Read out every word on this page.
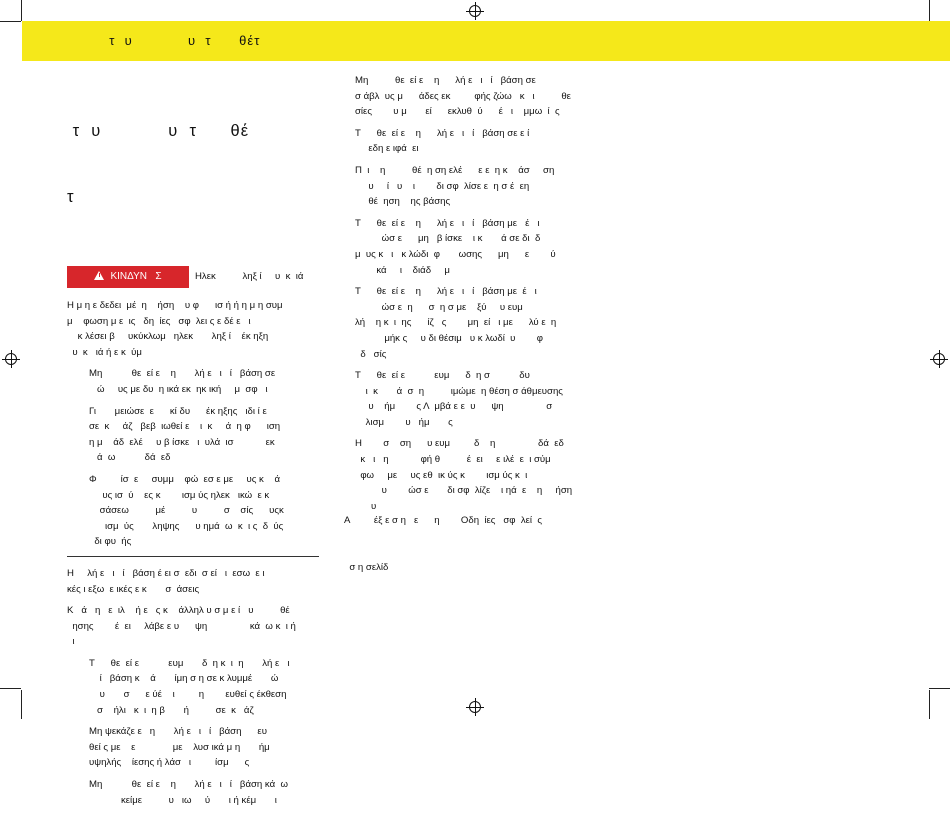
τ  υ            υ  τ      θέτ

τ  υ            υ  τ      θέ

τ

ΚΙΝΔΥΝ   Σ	Ηλεκ          ληξ ί     υ  κ  ιά

Η μ η ε δεδει  μέ  η    ήση    υ φ      ισ ή ή η μ η συμ

μ    φωση μ ε  ις   δη  ίες   σφ  λει ς ε δέ ε   ι

κ λέσει β     υκύκλωμ   ηλεκ       ληξ ί    έκ ηξη

υ  κ   ιά ή ε κ  ύμ

Μη           θε  εί ε    η       λή ε   ι   ί   βάση σε

ώ     υς με δυ  η ικά εκ  ηκ ική     μ  σφ   ι

Γι       μειώσε  ε      κί δυ      έκ ηξης   ιδι ί ε

σε  κ     άζ   βεβ  ιωθεί ε    ι  κ     ά  η φ      ιση

η μ    άδ  ελέ     υ β ίσκε   ι  υλά  ισ            εκ

ά  ω           δά  εδ

Φ         ίσ  ε     συμμ    φώ  εσ ε με     υς κ    ά

υς ισ  ύ    ες κ        ισμ ύς ηλεκ   ικώ  ε κ

σάσεω          μέ          υ          σ    σίς      υςκ

ισμ  ύς       ληψης      υ ημά  ω  κ  ι ς  δ  ύς

δι φυ  ής

Η     λή ε   ι   ί   βάση έ ει σ  εδι  σ εί   ι  εσω  ε ι

κές ι εξω  ε ικές ε κ       σ  άσεις

Κ   ά   η   ε  ιλ    ή ε   ς κ    άλληλ υ σ μ ε ί   υ          θέ

ησης        έ  ει     λάβε ε υ      ψη                κά  ω κ  ι ή

ι

Τ      θε  εί ε           ευμ       δ  η κ  ι  η       λή ε   ι

ί   βάση κ    ά       ίμη σ η σε κ λυμμέ       ώ

υ       σ      ε ύέ    ι         η        ευθεί ς έκθεση

σ    ήλι   κ  ι  η β       ή          σε  κ   άζ

Μη ψεκάζε ε   η       λή ε   ι   ί   βάση      ευ

θεί ς με    ε              με    λυσ ικά μ η       ήμ

υψηλής    ίεσης ή λάσ   ι         ίσμ      ς

Μη           θε  εί ε    η       λή ε   ι   ί   βάση κά  ω

κείμε          υ   ιω     ύ       ι ή κέμ       ι

Μη          θε  εί ε    η      λή ε   ι   ί   βάση σε

σ άβλ  υς μ      άδες εκ         φής ζώω   κ   ι          θε

σίες        υ μ       εί      εκλυθ  ύ      έ   ι    μμω  ί  ς

Τ      θε  εί ε    η      λή ε   ι   ί   βάση σε ε ί

εδη ε ιφά  ει

Π  ι    η          θέ  η ση ελέ      ε ε  η κ    άσ     ση

υ     ί   υ    ι        δι σφ  λίσε ε  η σ έ  εη

θέ  ηση    ης βάσης

Τ      θε  εί ε    η      λή ε   ι   ί   βάση με   έ   ι

ώσ ε      μη   β ίσκε    ι κ       ά σε δι  δ

μ  υς κ   ι   κ λώδι  φ       ωσης      μη      ε        ύ

κά     ι    διάδ     μ

Τ      θε  εί ε    η      λή ε   ι   ί   βάση με  έ   ι

ώσ ε  η      σ  η σ με    ξύ     υ ευμ

λή    η κ  ι  ης      ίζ   ς        μη  εί   ι με      λύ ε  η

μήκ ς     υ δι θέσιμ   υ κ λωδί  υ        φ

δ   σίς

Τ      θε  εί ε           ευμ      δ  η σ           δυ

ι  κ       ά  σ  η          ιμώμε  η θέση σ άθμευσης

υ    ήμ        ς Λ  μβά ε ε  υ      ψη                σ

λισμ        υ   ήμ       ς

Η        σ    ση      υ ευμ         δ    η                δά  εδ

κ   ι   η            φή θ          έ  ει     ε ιλέ  ε  ι σύμ

φω     με     υς εθ  ικ ύς κ        ισμ ύς κ  ι

υ        ώσ ε       δι σφ  λίζε    ι ηά  ε    η     ήση

υ

Α         έξ ε σ η   ε      η        Οδη  ίες   σφ  λεί  ς

σ η σελίδ
